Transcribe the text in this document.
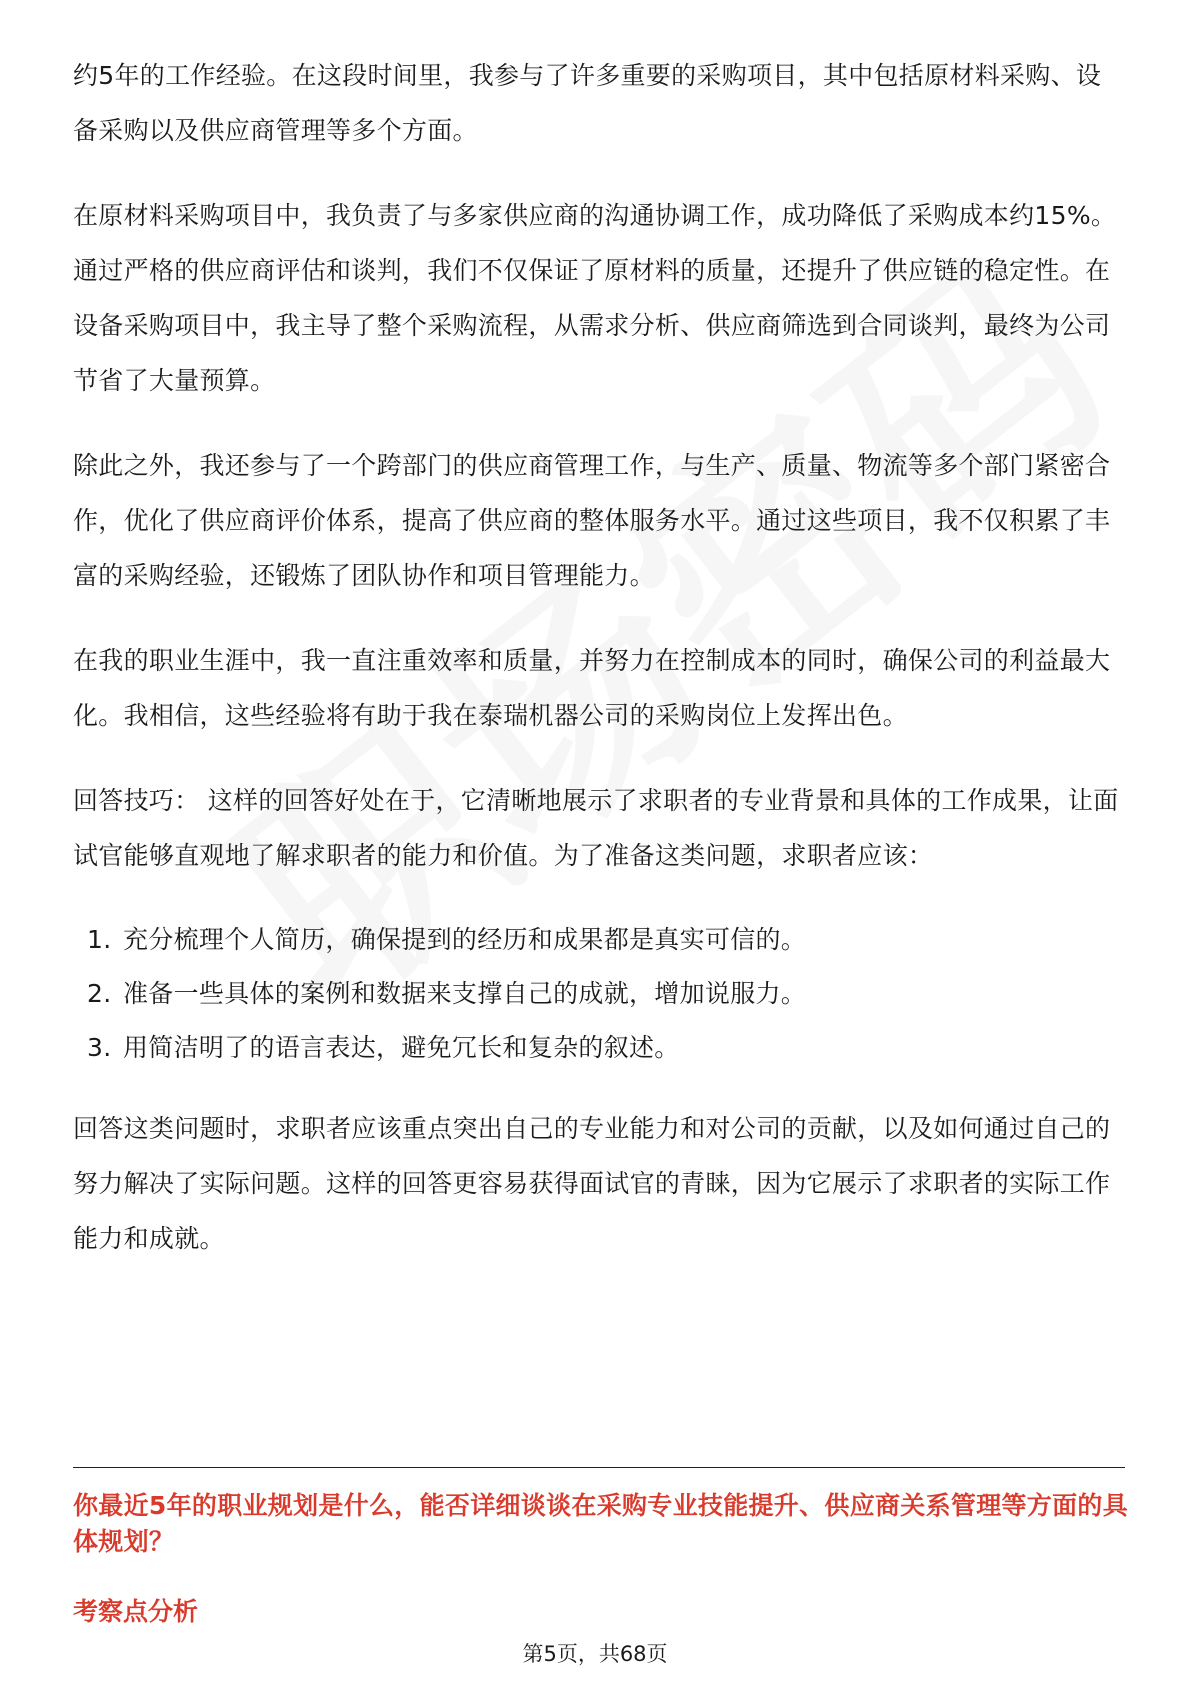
约5年的工作经验。在这段时间里，我参与了许多重要的采购项目，其中包括原材料采购、设备采购以及供应商管理等多个方面。

在原材料采购项目中，我负责了与多家供应商的沟通协调工作，成功降低了采购成本约15%。通过严格的供应商评估和谈判，我们不仅保证了原材料的质量，还提升了供应链的稳定性。在设备采购项目中，我主导了整个采购流程，从需求分析、供应商筛选到合同谈判，最终为公司节省了大量预算。

除此之外，我还参与了一个跨部门的供应商管理工作，与生产、质量、物流等多个部门紧密合作，优化了供应商评价体系，提高了供应商的整体服务水平。通过这些项目，我不仅积累了丰富的采购经验，还锻炼了团队协作和项目管理能力。

在我的职业生涯中，我一直注重效率和质量，并努力在控制成本的同时，确保公司的利益最大化。我相信，这些经验将有助于我在泰瑞机器公司的采购岗位上发挥出色。

回答技巧： 这样的回答好处在于，它清晰地展示了求职者的专业背景和具体的工作成果，让面试官能够直观地了解求职者的能力和价值。为了准备这类问题，求职者应该：

1. 充分梳理个人简历，确保提到的经历和成果都是真实可信的。
2. 准备一些具体的案例和数据来支撑自己的成就，增加说服力。
3. 用简洁明了的语言表达，避免冗长和复杂的叙述。

回答这类问题时，求职者应该重点突出自己的专业能力和对公司的贡献，以及如何通过自己的努力解决了实际问题。这样的回答更容易获得面试官的青睐，因为它展示了求职者的实际工作能力和成就。

你最近5年的职业规划是什么，能否详细谈谈在采购专业技能提升、供应商关系管理等方面的具体规划？
考察点分析
第5页，共68页
